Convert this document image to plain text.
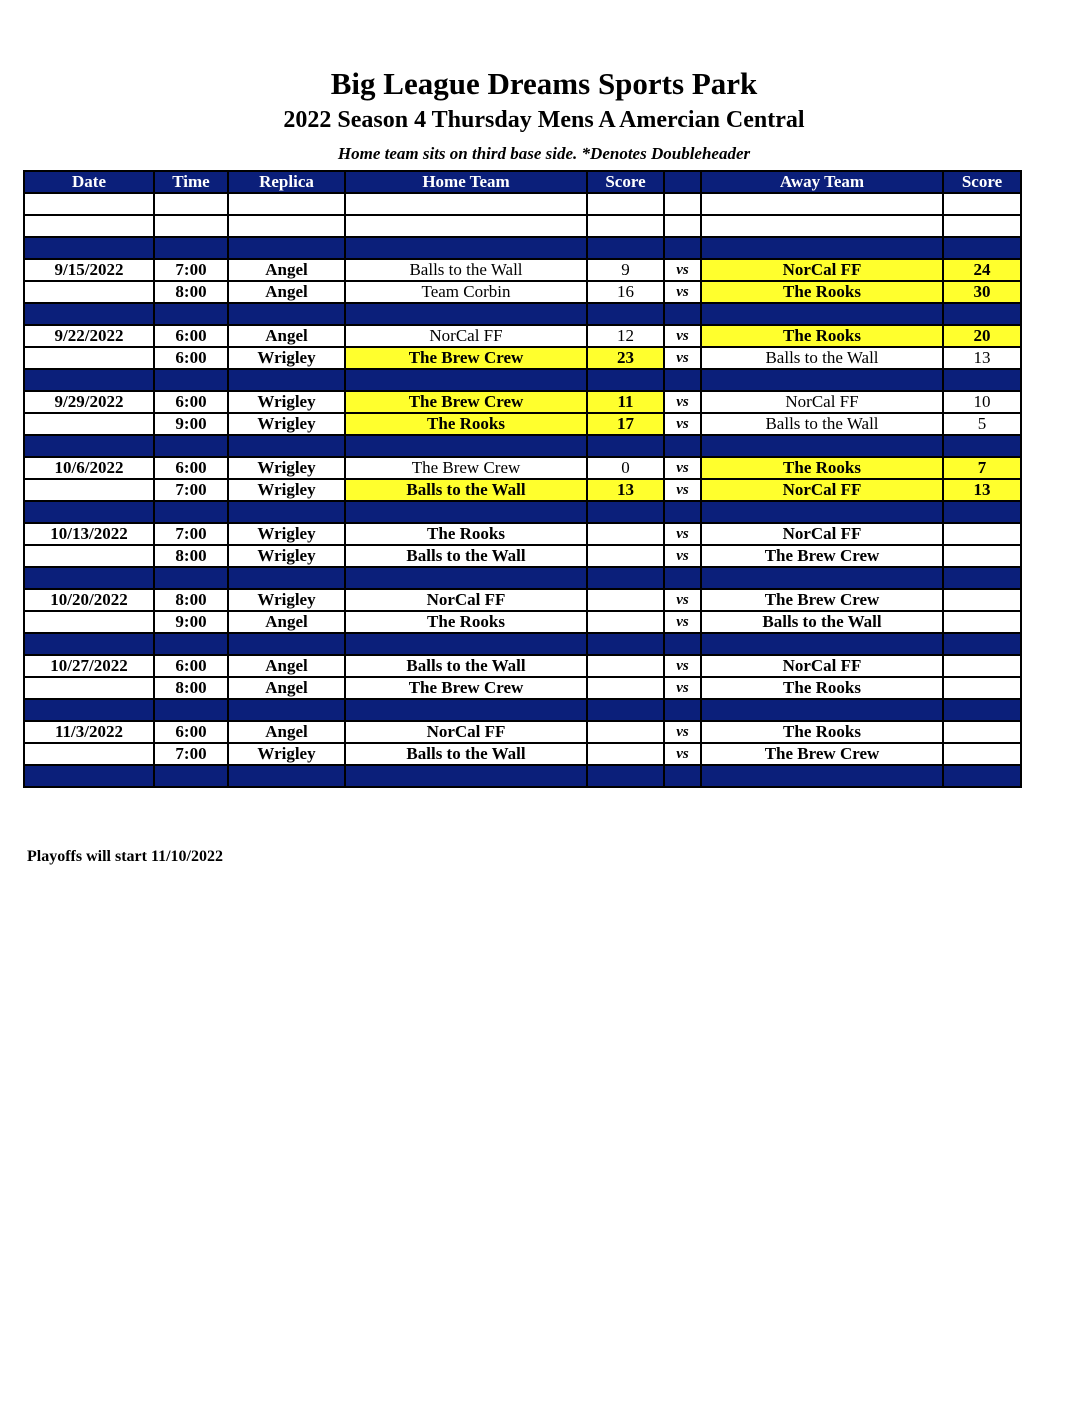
Big League Dreams Sports Park
2022 Season 4 Thursday Mens A Amercian Central
Home team sits on third base side. *Denotes Doubleheader
Date	Time	Replica	Home Team	Score		Away Team	Score

9/15/2022	7:00	Angel	Balls to the Wall	9	vs	NorCal FF	24
	8:00	Angel	Team Corbin	16	vs	The Rooks	30

9/22/2022	6:00	Angel	NorCal FF	12	vs	The Rooks	20
	6:00	Wrigley	The Brew Crew	23	vs	Balls to the Wall	13

9/29/2022	6:00	Wrigley	The Brew Crew	11	vs	NorCal FF	10
	9:00	Wrigley	The Rooks	17	vs	Balls to the Wall	5

10/6/2022	6:00	Wrigley	The Brew Crew	0	vs	The Rooks	7
	7:00	Wrigley	Balls to the Wall	13	vs	NorCal FF	13

10/13/2022	7:00	Wrigley	The Rooks		vs	NorCal FF	
	8:00	Wrigley	Balls to the Wall		vs	The Brew Crew	

10/20/2022	8:00	Wrigley	NorCal FF		vs	The Brew Crew	
	9:00	Angel	The Rooks		vs	Balls to the Wall	

10/27/2022	6:00	Angel	Balls to the Wall		vs	NorCal FF	
	8:00	Angel	The Brew Crew		vs	The Rooks	

11/3/2022	6:00	Angel	NorCal FF		vs	The Rooks	
	7:00	Wrigley	Balls to the Wall		vs	The Brew Crew	

Playoffs will start 11/10/2022
